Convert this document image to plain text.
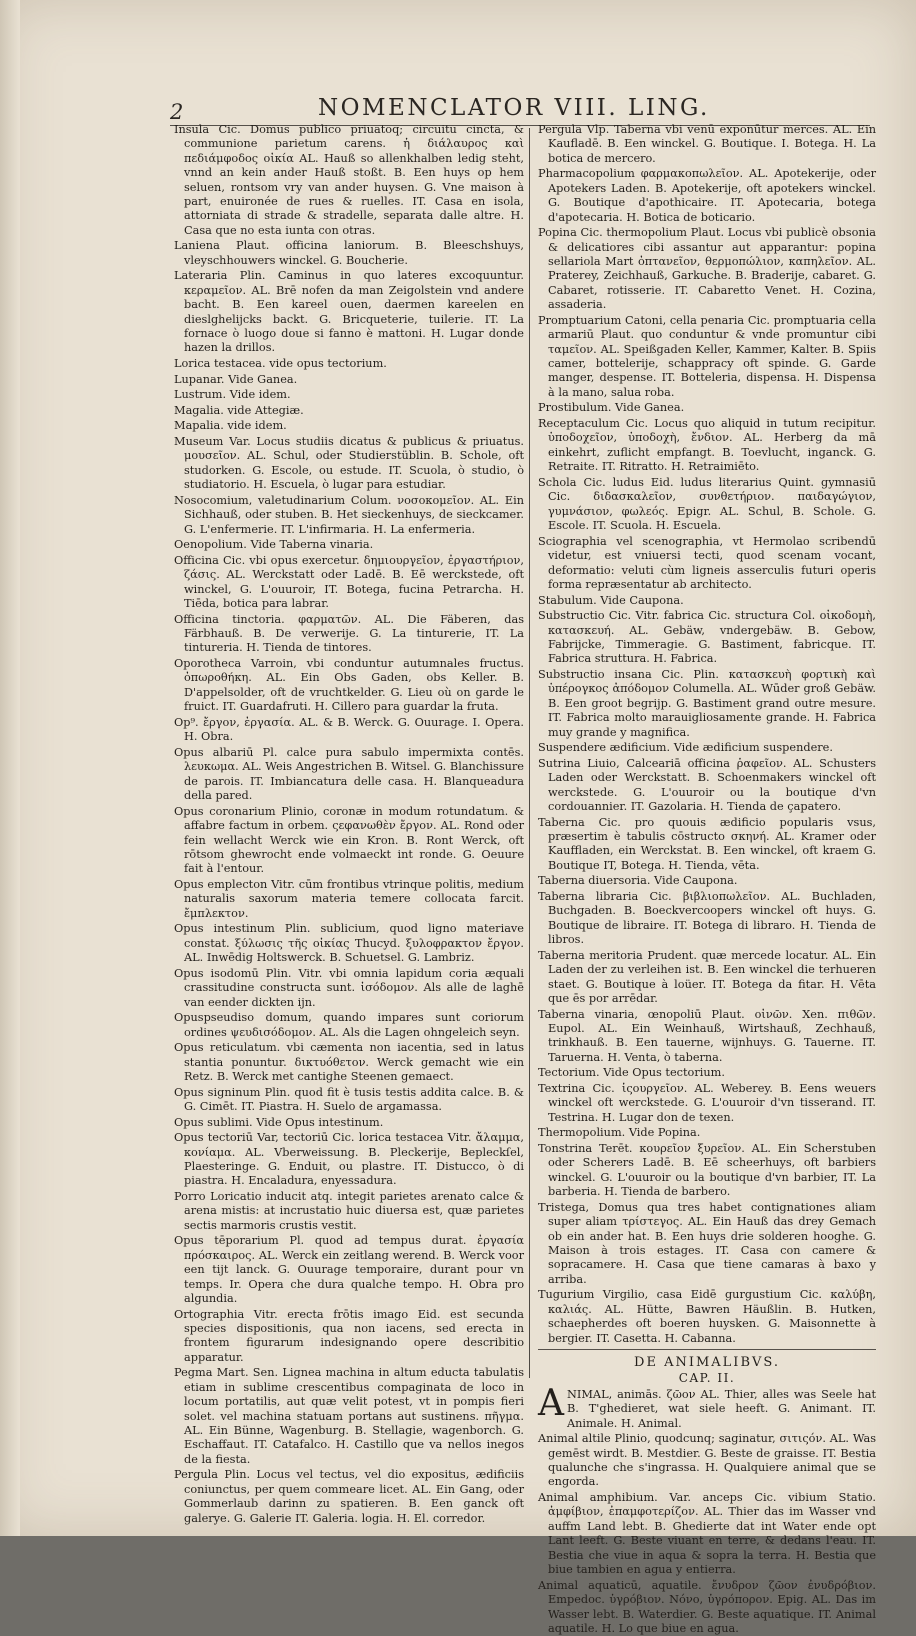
2	NOMENCLATOR VIII. LING.

Insula Cic. Domus publico priuatoq; circuitu cincta, & communione parietum carens. ἡ διάλαυρος καὶ πεδιάμφοδος οἰκία AL. Hauß so allenkhalben ledig steht, vnnd an kein ander Hauß stoßt. B. Een huys op hem seluen, rontsom vry van ander huysen. G. Vne maison à part, enuironée de rues & ruelles. IT. Casa en isola, attorniata di strade & stradelle, separata dalle altre. H. Casa que no esta iunta con otras.

Laniena Plaut. officina laniorum. B. Bleeschshuys, vleyschhouwers winckel. G. Boucherie.

Lateraria Plin. Caminus in quo lateres excoquuntur. κεραμεῖον. AL. Brē nofen da man Zeigolstein vnd andere bacht. B. Een kareel ouen, daermen kareelen en dieslghelijcks backt. G. Bricqueterie, tuilerie. IT. La fornace ò luogo doue si fanno è mattoni. H. Lugar donde hazen la drillos.

Lorica testacea. vide opus tectorium.

Lupanar. Vide Ganea.

Lustrum. Vide idem.

Magalia. vide Attegiæ.

Mapalia. vide idem.

Museum Var. Locus studiis dicatus & publicus & priuatus. μουσεῖον. AL. Schul, oder Studierstüblin. B. Schole, oft studorken. G. Escole, ou estude. IT. Scuola, ò studio, ò studiatorio. H. Escuela, ò lugar para estudiar.

Nosocomium, valetudinarium Colum. νοσοκομεῖον. AL. Ein Sichhauß, oder stuben. B. Het sieckenhuys, de sieckcamer. G. L'enfermerie. IT. L'infirmaria. H. La enfermeria.

Oenopolium. Vide Taberna vinaria.

Officina Cic. vbi opus exercetur. δημιουργεῖον, ἐργαστήριον, ζάσις. AL. Werckstatt oder Ladē. B. Eē werckstede, oft winckel, G. L'ouuroir, IT. Botega, fucina Petrarcha. H. Tiēda, botica para labrar.

Officina tinctoria. φαρματῶν. AL. Die Fäberen, das Färbhauß. B. De verwerije. G. La tinturerie, IT. La tintureria. H. Tienda de tintores.

Oporotheca Varroin, vbi conduntur autumnales fructus. ὀπωροθήκη. AL. Ein Obs Gaden, obs Keller. B. D'appelsolder, oft de vruchtkelder. G. Lieu où on garde le fruict. IT. Guardafruti. H. Cillero para guardar la fruta.

Op⁹. ἔργον, ἐργασία. AL. & B. Werck. G. Ouurage. I. Opera. H. Obra.

Opus albariū Pl. calce pura sabulo impermixta contēs. λευκωμα. AL. Weis Angestrichen B. Witsel. G. Blanchissure de parois. IT. Imbiancatura delle casa. H. Blanqueadura della pared.

Opus coronarium Plinio, coronæ in modum rotundatum. & affabre factum in orbem. ςεφανωθὲν ἔργον. AL. Rond oder fein wellacht Werck wie ein Kron. B. Ront Werck, oft rōtsom ghewrocht ende volmaeckt int ronde. G. Oeuure fait à l'entour.

Opus emplecton Vitr. cūm frontibus vtrinque politis, medium naturalis saxorum materia temere collocata farcit. ἔμπλεκτον.

Opus intestinum Plin. sublicium, quod ligno materiave constat. ξύλωσις τῆς οἰκίας Thucyd. ξυλοφρακτον ἔργον. AL. Inwēdig Holtswerck. B. Schuetsel. G. Lambriz.

Opus isodomū Plin. Vitr. vbi omnia lapidum coria æquali crassitudine constructa sunt. ἰσόδομον. Als alle de laghē van eender dickten ijn.

Opuspseudiso domum, quando impares sunt coriorum ordines ψευδισόδομον. AL. Als die Lagen ohngeleich seyn.

Opus reticulatum. vbi cæmenta non iacentia, sed in latus stantia ponuntur. δικτυόθετον. Werck gemacht wie ein Retz. B. Werck met cantighe Steenen gemaect.

Opus signinum Plin. quod fit è tusis testis addita calce. B. & G. Cimēt. IT. Piastra. H. Suelo de argamassa.

Opus sublimi. Vide Opus intestinum.

Opus tectoriū Var, tectoriū Cic. lorica testacea Vitr. ἄλαμμα, κονίαμα. AL. Vberweissung. B. Pleckerije, Bepleckſel, Plaesteringe. G. Enduit, ou plastre. IT. Distucco, ò di piastra. H. Encaladura, enyessadura.

Porro Loricatio inducit atq. integit parietes arenato calce & arena mistis: at incrustatio huic diuersa est, quæ parietes sectis marmoris crustis vestit.

Opus tēporarium Pl. quod ad tempus durat. ἐργασία πρόσκαιρος. AL. Werck ein zeitlang werend. B. Werck voor een tijt lanck. G. Ouurage temporaire, durant pour vn temps. Ir. Opera che dura qualche tempo. H. Obra pro algundia.

Ortographia Vitr. erecta frōtis imago Eid. est secunda species dispositionis, qua non iacens, sed erecta in frontem figurarum indesignando opere describitio apparatur.

Pegma Mart. Sen. Lignea machina in altum educta tabulatis etiam in sublime crescentibus compaginata de loco in locum portatilis, aut quæ velit potest, vt in pompis fieri solet. vel machina statuam portans aut sustinens. πῆγμα. AL. Ein Bünne, Wagenburg. B. Stellagie, wagenborch. G. Eschaffaut. IT. Catafalco. H. Castillo que va nellos inegos de la fiesta.

Pergula Plin. Locus vel tectus, vel dio expositus, ædificiis coniunctus, per quem commeare licet. AL. Ein Gang, oder Gommerlaub darinn zu spatieren. B. Een ganck oft galerye. G. Galerie IT. Galeria. logia. H. El. corredor.

Pergula Vlp. Taberna vbi venū exponūtur merces. AL. Ein Kaufladē. B. Een winckel. G. Boutique. I. Botega. H. La botica de mercero.

Pharmacopolium φαρμακοπωλεῖον. AL. Apotekerije, oder Apotekers Laden. B. Apotekerije, oft apotekers winckel. G. Boutique d'apothicaire. IT. Apotecaria, botega d'apotecaria. H. Botica de boticario.

Popina Cic. thermopolium Plaut. Locus vbi publicè obsonia & delicatiores cibi assantur aut apparantur: popina sellariola Mart ὀπτανεῖον, θερμοπώλιον, καπηλεῖον. AL. Praterey, Zeichhauß, Garkuche. B. Braderije, cabaret. G. Cabaret, rotisserie. IT. Cabaretto Venet. H. Cozina, assaderia.

Promptuarium Catoni, cella penaria Cic. promptuaria cella armariū Plaut. quo conduntur & vnde promuntur cibi ταμεῖον. AL. Speißgaden Keller, Kammer, Kalter. B. Spiis camer, bottelerije, schappracy oft spinde. G. Garde manger, despense. IT. Botteleria, dispensa. H. Dispensa à la mano, salua roba.

Prostibulum. Vide Ganea.

Receptaculum Cic. Locus quo aliquid in tutum recipitur. ὑποδοχεῖον, ὑποδοχὴ, ἔνδιον. AL. Herberg da mā einkehrt, zuflicht empfangt. B. Toevlucht, inganck. G. Retraite. IT. Ritratto. H. Retraimiēto.

Schola Cic. ludus Eid. ludus literarius Quint. gymnasiū Cic. διδασκαλεῖον, συνθετήριον. παιδαγώγιον, γυμνάσιον, φωλεός. Epigr. AL. Schul, B. Schole. G. Escole. IT. Scuola. H. Escuela.

Sciographia vel scenographia, vt Hermolao scribendū videtur, est vniuersi tecti, quod scenam vocant, deformatio: veluti cùm ligneis asserculis futuri operis forma repræsentatur ab architecto.

Stabulum. Vide Caupona.

Substructio Cic. Vitr. fabrica Cic. structura Col. οἰκοδομὴ, κατασκευή. AL. Gebäw, vndergebäw. B. Gebow, Fabrijcke, Timmeragie. G. Bastiment, fabricque. IT. Fabrica struttura. H. Fabrica.

Substructio insana Cic. Plin. κατασκευὴ φορτικὴ καὶ ὑπέρογκος ἀπόδομον Columella. AL. Wūder groß Gebäw. B. Een groot begrijp. G. Bastiment grand outre mesure. IT. Fabrica molto marauigliosamente grande. H. Fabrica muy grande y magnifica.

Suspendere ædificium. Vide ædificium suspendere.

Sutrina Liuio, Calceariā officina ῥαφεῖον. AL. Schusters Laden oder Werckstatt. B. Schoenmakers winckel oft werckstede. G. L'ouuroir ou la boutique d'vn cordouannier. IT. Gazolaria. H. Tienda de çapatero.

Taberna Cic. pro quouis ædificio popularis vsus, præsertim è tabulis cōstructo σκηνή. AL. Kramer oder Kauffladen, ein Werckstat. B. Een winckel, oft kraem G. Boutique IT, Botega. H. Tienda, vēta.

Taberna diuersoria. Vide Caupona.

Taberna libraria Cic. βιβλιοπωλεῖον. AL. Buchladen, Buchgaden. B. Boeckvercoopers winckel oft huys. G. Boutique de libraire. IT. Botega di libraro. H. Tienda de libros.

Taberna meritoria Prudent. quæ mercede locatur. AL. Ein Laden der zu verleihen ist. B. Een winckel die terhueren staet. G. Boutique à loüer. IT. Botega da fitar. H. Vēta que ēs por arrēdar.

Taberna vinaria, œnopoliū Plaut. οἰνῶν. Xen. πιθῶν. Eupol. AL. Ein Weinhauß, Wirtshauß, Zechhauß, trinkhauß. B. Een tauerne, wijnhuys. G. Tauerne. IT. Taruerna. H. Venta, ò taberna.

Tectorium. Vide Opus tectorium.

Textrina Cic. ἱςουργεῖον. AL. Weberey. B. Eens weuers winckel oft werckstede. G. L'ouuroir d'vn tisserand. IT. Testrina. H. Lugar don de texen.

Thermopolium. Vide Popina.

Tonstrina Terēt. κουρεῖον ξυρεῖον. AL. Ein Scherstuben oder Scherers Ladē. B. Eē scheerhuys, oft barbiers winckel. G. L'ouuroir ou la boutique d'vn barbier, IT. La barberia. H. Tienda de barbero.

Tristega, Domus qua tres habet contignationes aliam super aliam τρίστεγος. AL. Ein Hauß das drey Gemach ob ein ander hat. B. Een huys drie solderen hooghe. G. Maison à trois estages. IT. Casa con camere & sopracamere. H. Casa que tiene camaras à baxo y arriba.

Tugurium Virgilio, casa Eidē gurgustium Cic. καλύβη, καλιάς. AL. Hütte, Bawren Häußlin. B. Hutken, schaepherdes oft boeren huysken. G. Maisonnette à bergier. IT. Casetta. H. Cabanna.

DE ANIMALIBVS.
CAP. II.

ANIMAL, animās. ζῶον AL. Thier, alles was Seele hat B. T'ghedieret, wat siele heeft. G. Animant. IT. Animale. H. Animal.

Animal altile Plinio, quodcunq; saginatur, σιτιςόν. AL. Was gemēst wirdt. B. Mestdier. G. Beste de graisse. IT. Bestia qualunche che s'ingrassa. H. Qualquiere animal que se engorda.

Animal amphibium. Var. anceps Cic. vibium Statio. ἀμφίβιον, ἐπαμφοτερίζον. AL. Thier das im Wasser vnd auffm Land lebt. B. Ghedierte dat int Water ende opt Lant leeft. G. Beste viuant en terre, & dedans l'eau. IT. Bestia che viue in aqua & sopra la terra. H. Bestia que biue tambien en agua y entierra.

Animal aquaticū, aquatile. ἔνυδρον ζῶον ἐνυδρόβιον. Empedoc. ὑγρόβιον. Νόνο, ὑγρόπορον. Epig. AL. Das im Wasser lebt. B. Waterdier. G. Beste aquatique. IT. Animal aquatile. H. Lo que biue en agua.
